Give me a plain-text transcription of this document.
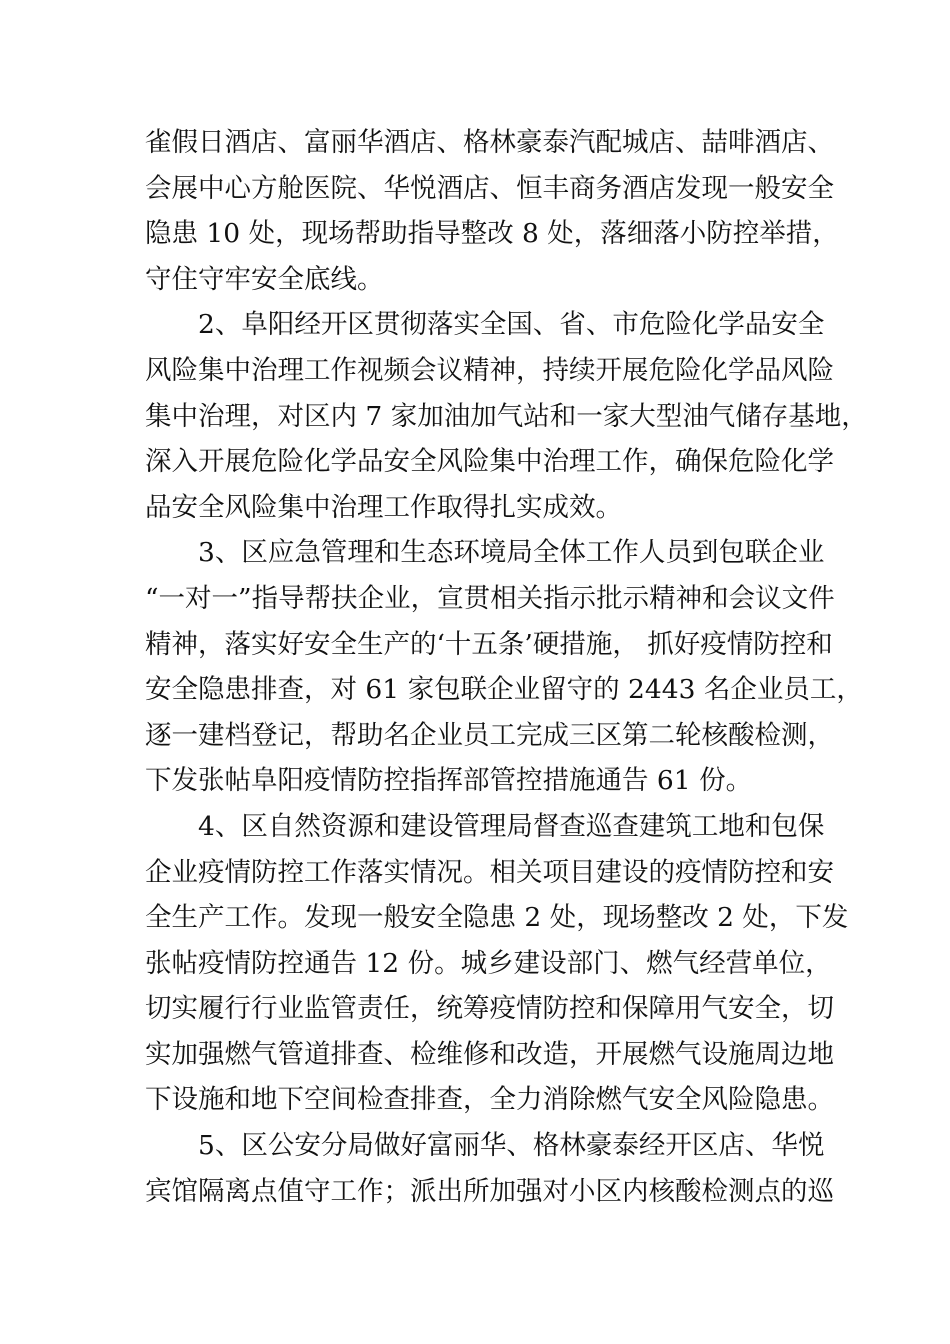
雀假日酒店、富丽华酒店、格林豪泰汽配城店、喆啡酒店、
会展中心方舱医院、华悦酒店、恒丰商务酒店发现一般安全
隐患 10 处，现场帮助指导整改 8 处，落细落小防控举措，
守住守牢安全底线。
2、阜阳经开区贯彻落实全国、省、市危险化学品安全
风险集中治理工作视频会议精神，持续开展危险化学品风险
集中治理，对区内 7 家加油加气站和一家大型油气储存基地，
深入开展危险化学品安全风险集中治理工作，确保危险化学
品安全风险集中治理工作取得扎实成效。
3、区应急管理和生态环境局全体工作人员到包联企业
“一对一”指导帮扶企业，宣贯相关指示批示精神和会议文件
精神，落实好安全生产的‘十五条’硬措施， 抓好疫情防控和
安全隐患排查，对 61 家包联企业留守的 2443 名企业员工，
逐一建档登记，帮助名企业员工完成三区第二轮核酸检测，
下发张帖阜阳疫情防控指挥部管控措施通告 61 份。
4、区自然资源和建设管理局督查巡查建筑工地和包保
企业疫情防控工作落实情况。相关项目建设的疫情防控和安
全生产工作。发现一般安全隐患 2 处，现场整改 2 处，下发
张帖疫情防控通告 12 份。城乡建设部门、燃气经营单位，
切实履行行业监管责任，统筹疫情防控和保障用气安全，切
实加强燃气管道排查、检维修和改造，开展燃气设施周边地
下设施和地下空间检查排查，全力消除燃气安全风险隐患。
5、区公安分局做好富丽华、格林豪泰经开区店、华悦
宾馆隔离点值守工作；派出所加强对小区内核酸检测点的巡
